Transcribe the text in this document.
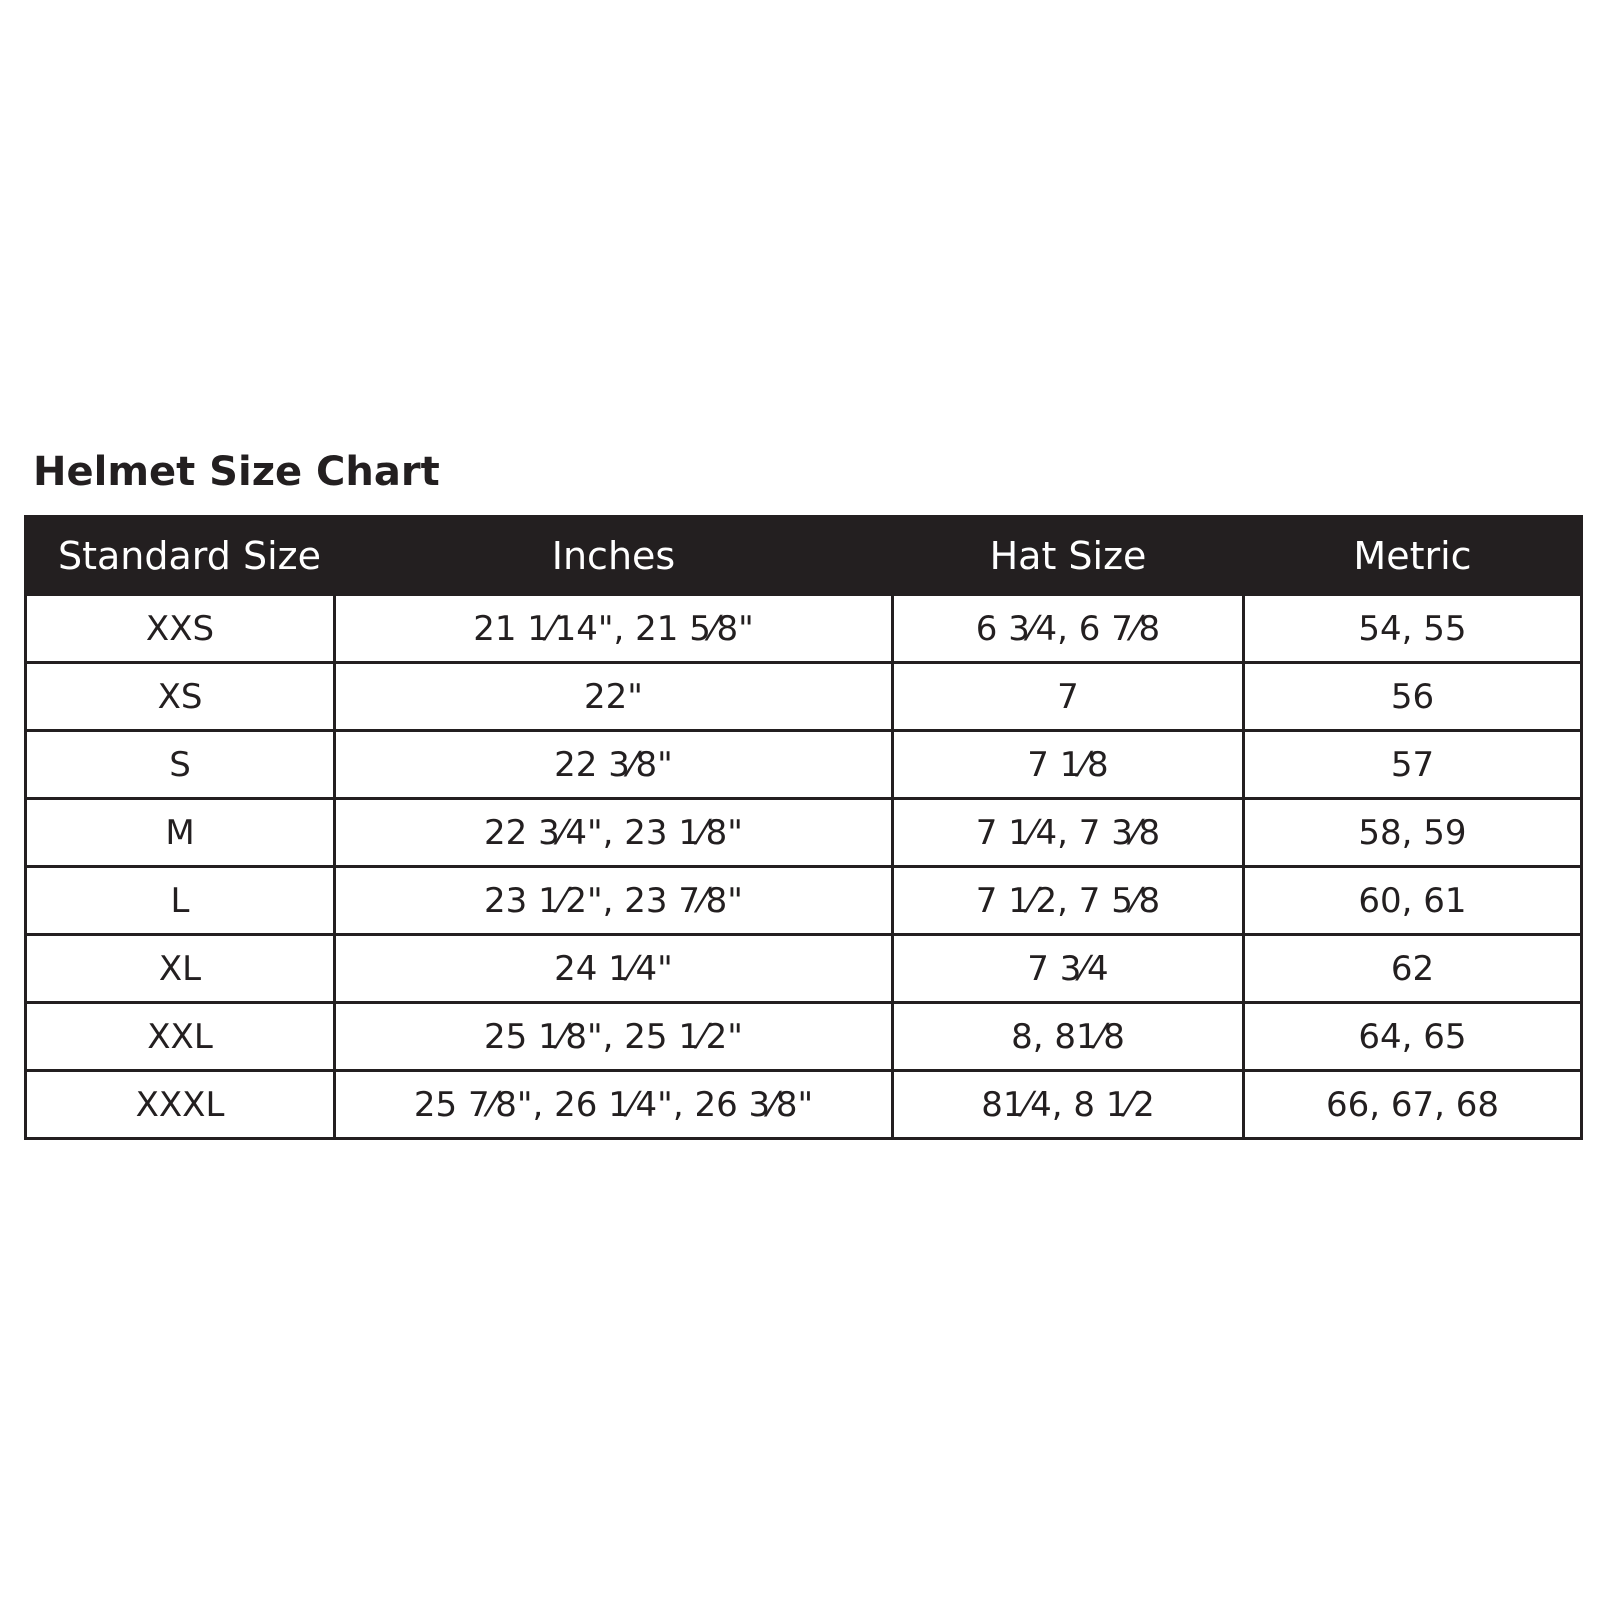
Helmet Size Chart
Standard Size	Inches	Hat Size	Metric
XXS	21 1⁄14", 21 5⁄8"	6 3⁄4, 6 7⁄8	54, 55
XS	22"	7	56
S	22 3⁄8"	7 1⁄8	57
M	22 3⁄4", 23 1⁄8"	7 1⁄4, 7 3⁄8	58, 59
L	23 1⁄2", 23 7⁄8"	7 1⁄2, 7 5⁄8	60, 61
XL	24 1⁄4"	7 3⁄4	62
XXL	25 1⁄8", 25 1⁄2"	8, 81⁄8	64, 65
XXXL	25 7⁄8", 26 1⁄4", 26 3⁄8"	81⁄4, 8 1⁄2	66, 67, 68
